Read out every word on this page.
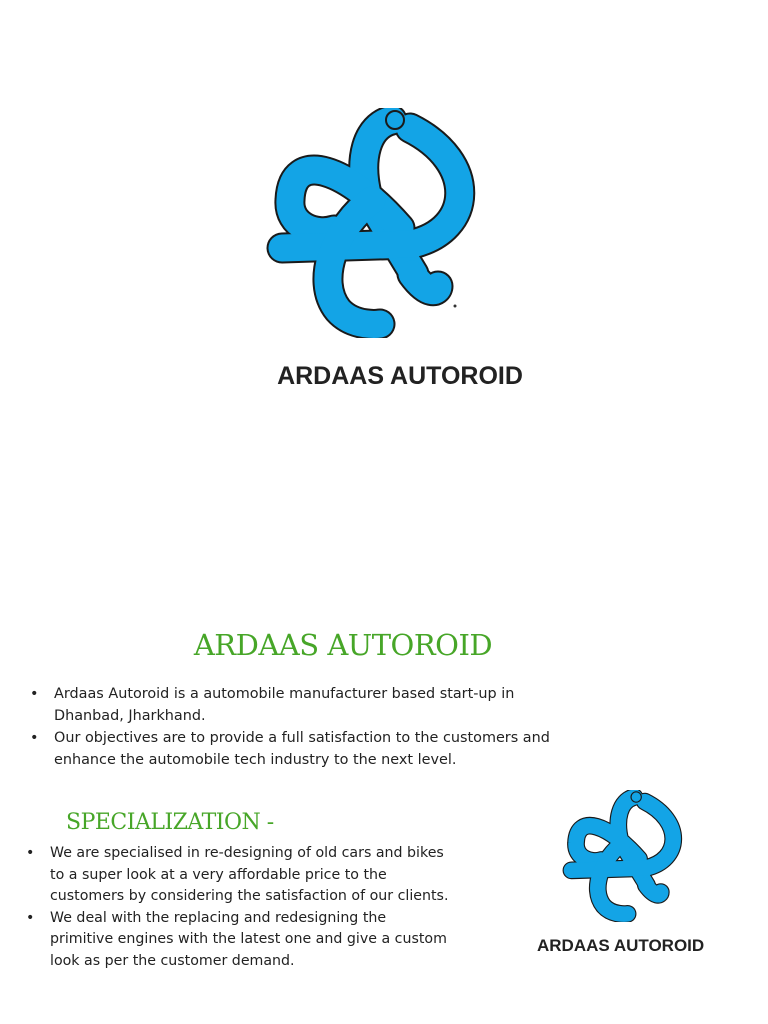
ARDAAS AUTOROID
ARDAAS AUTOROID
• Ardaas Autoroid is a automobile manufacturer based start-up in Dhanbad, Jharkhand.
• Our objectives are to provide a full satisfaction to the customers and enhance the automobile tech industry to the next level.
SPECIALIZATION -
• We are specialised in re-designing of old cars and bikes to a super look at a very affordable price to the customers by considering the satisfaction of our clients.
• We deal with the replacing and redesigning the primitive engines with the latest one and give a custom look as per the customer demand.
ARDAAS AUTOROID
